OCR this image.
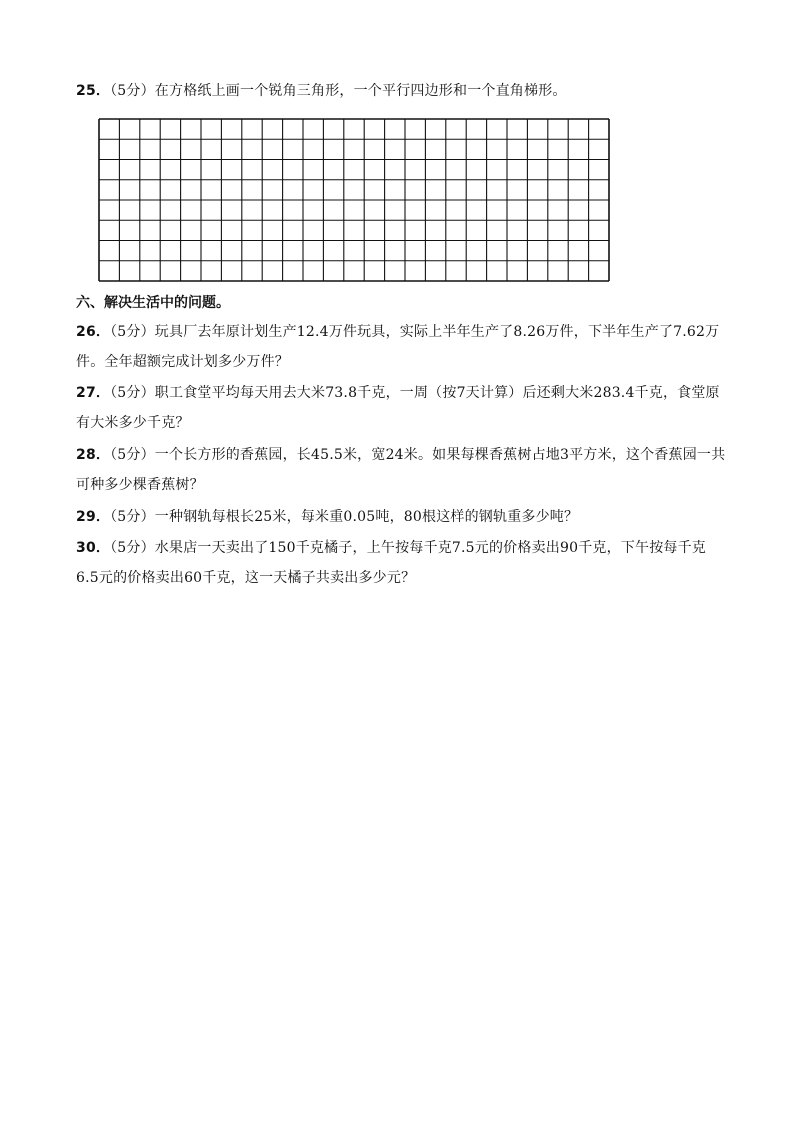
25．（5分）在方格纸上画一个锐角三角形，一个平行四边形和一个直角梯形。
六、解决生活中的问题。
26．（5分）玩具厂去年原计划生产12.4万件玩具，实际上半年生产了8.26万件，下半年生产了7.62万件。全年超额完成计划多少万件？
27．（5分）职工食堂平均每天用去大米73.8千克，一周（按7天计算）后还剩大米283.4千克，食堂原有大米多少千克？
28．（5分）一个长方形的香蕉园，长45.5米，宽24米。如果每棵香蕉树占地3平方米，这个香蕉园一共可种多少棵香蕉树？
29．（5分）一种钢轨每根长25米，每米重0.05吨，80根这样的钢轨重多少吨？
30．（5分）水果店一天卖出了150千克橘子，上午按每千克7.5元的价格卖出90千克，下午按每千克6.5元的价格卖出60千克，这一天橘子共卖出多少元？
